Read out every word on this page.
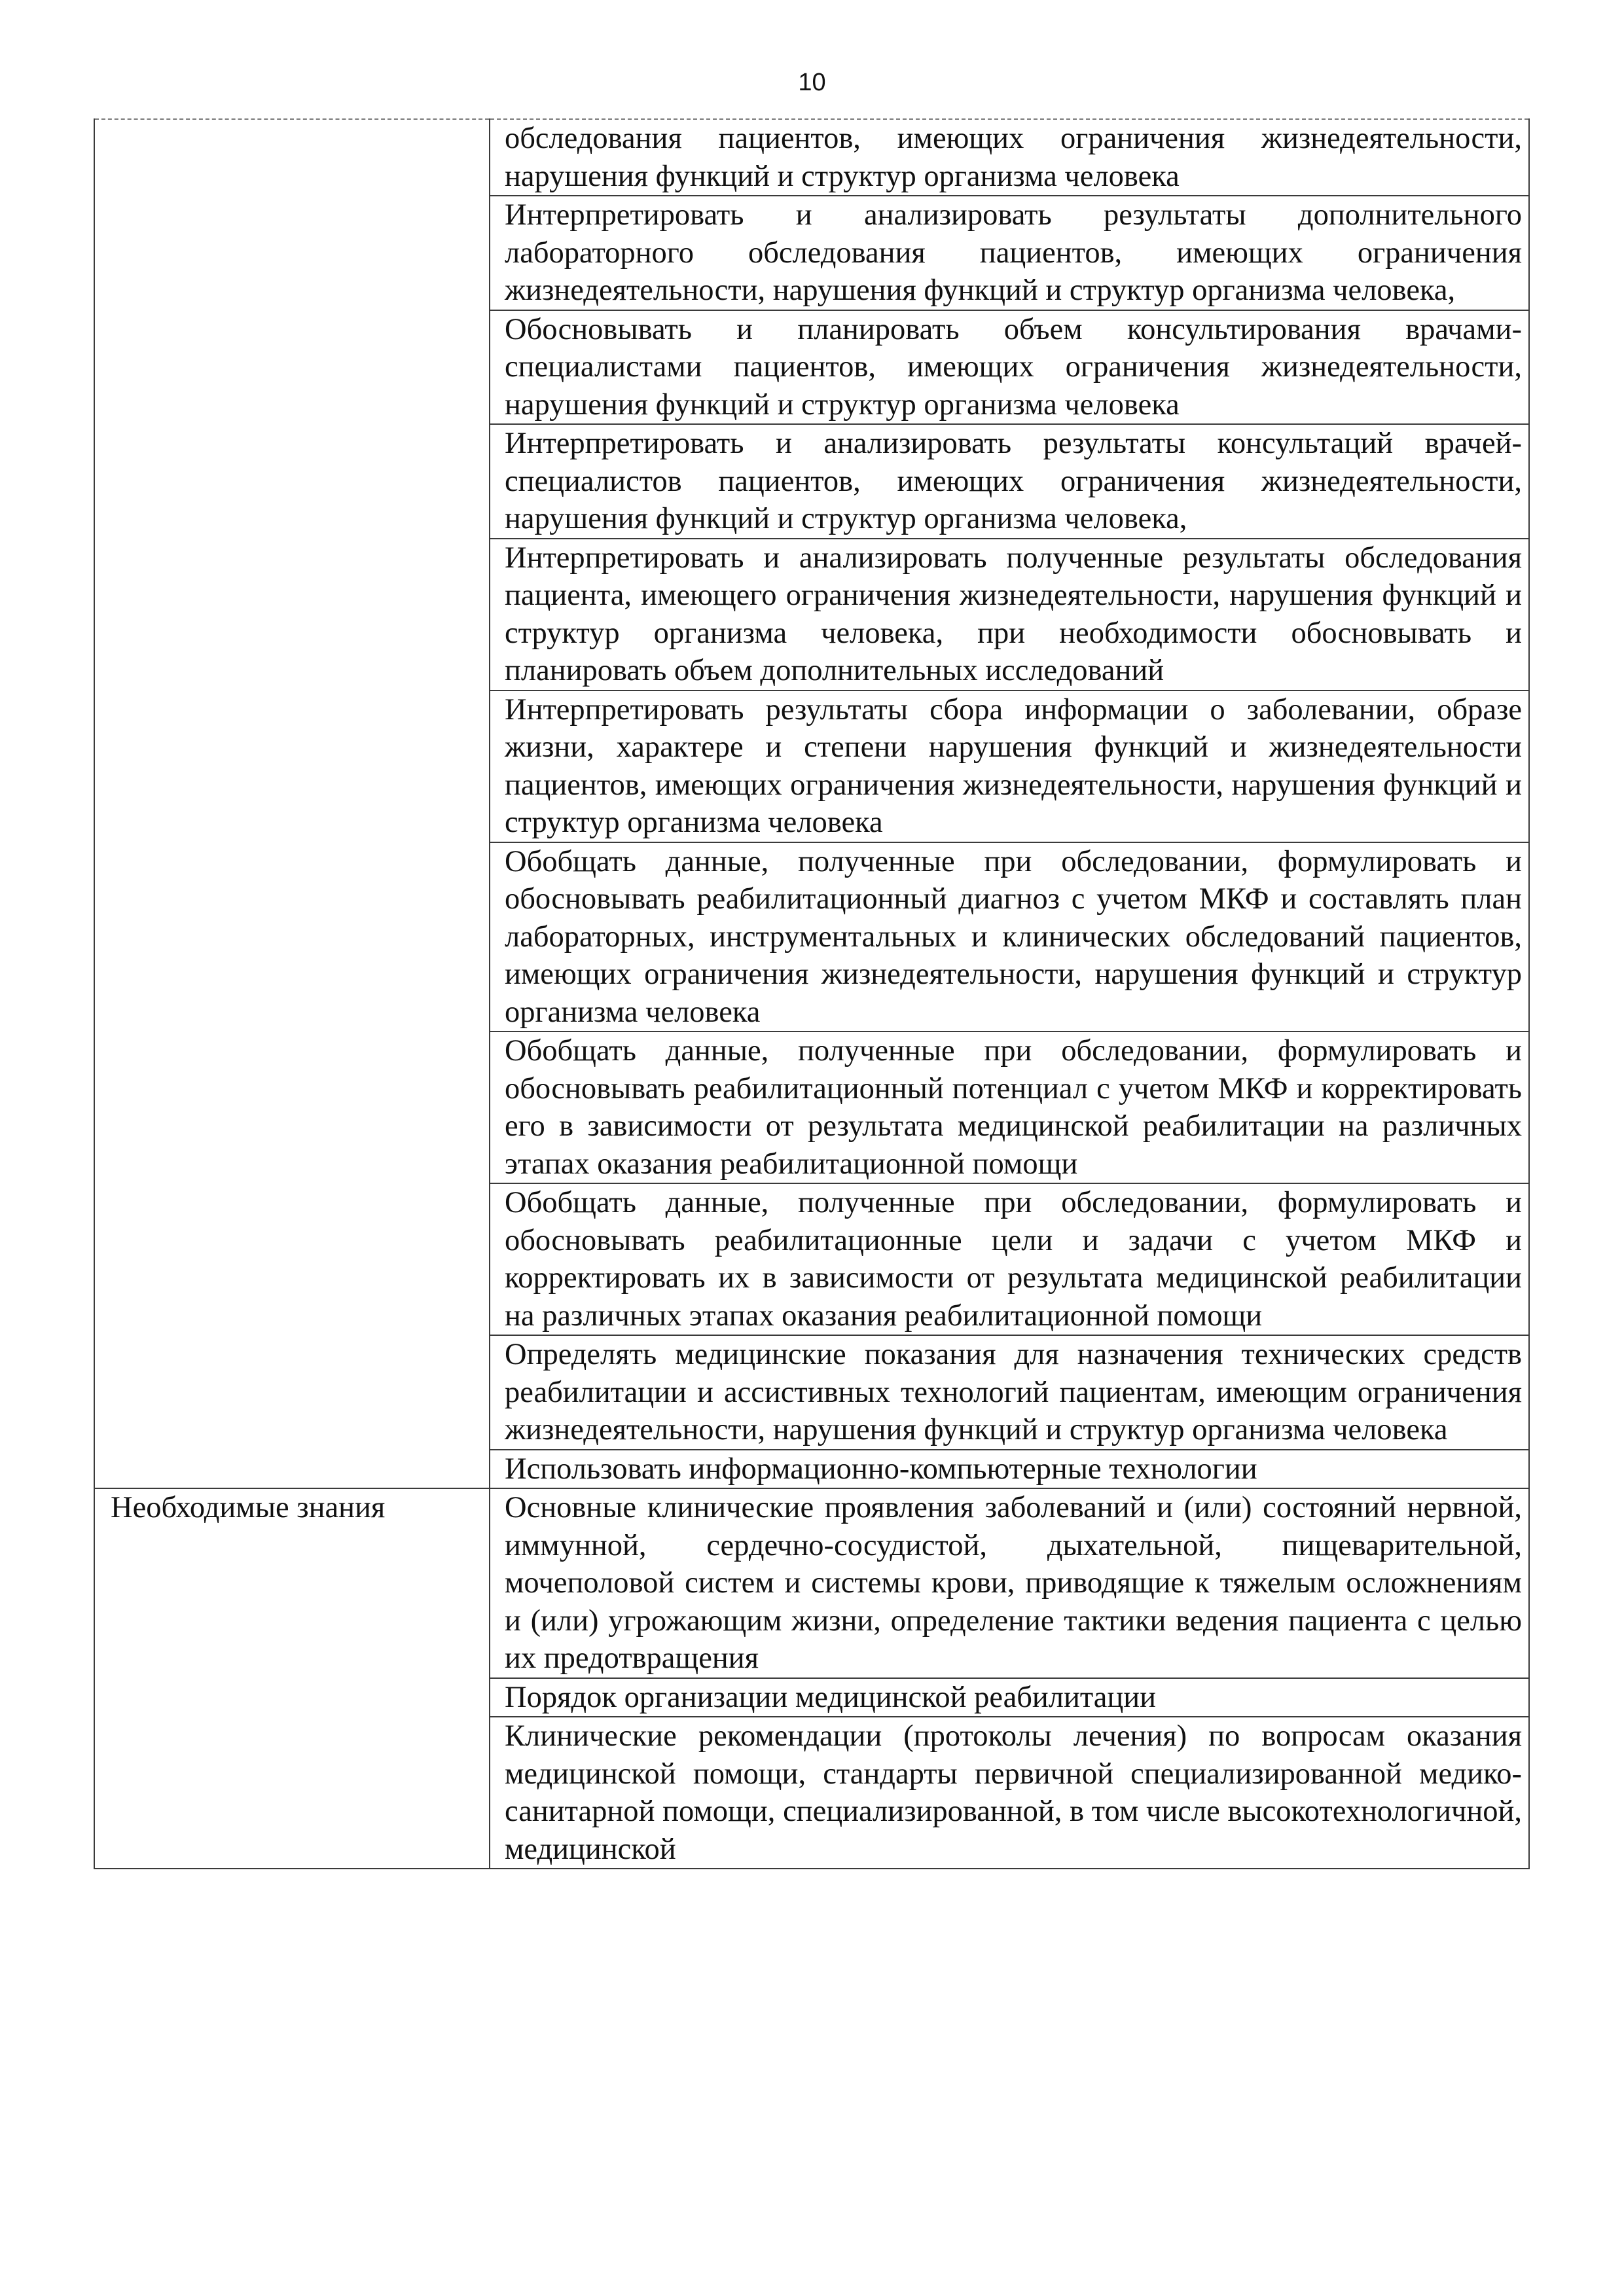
10
	обследования пациентов, имеющих ограничения жизнедеятельности, нарушения функций и структур организма человека
	Интерпретировать и анализировать результаты дополнительного лабораторного обследования пациентов, имеющих ограничения жизнедеятельности, нарушения функций и структур организма человека,
	Обосновывать и планировать объем консультирования врачами-специалистами пациентов, имеющих ограничения жизнедеятельности, нарушения функций и структур организма человека
	Интерпретировать и анализировать результаты консультаций врачей-специалистов пациентов, имеющих ограничения жизнедеятельности, нарушения функций и структур организма человека,
	Интерпретировать и анализировать полученные результаты обследования пациента, имеющего ограничения жизнедеятельности, нарушения функций и структур организма человека, при необходимости обосновывать и планировать объем дополнительных исследований
	Интерпретировать результаты сбора информации о заболевании, образе жизни, характере и степени нарушения функций и жизнедеятельности пациентов, имеющих ограничения жизнедеятельности, нарушения функций и структур организма человека
	Обобщать данные, полученные при обследовании, формулировать и обосновывать реабилитационный диагноз с учетом МКФ и составлять план лабораторных, инструментальных и клинических обследований пациентов, имеющих ограничения жизнедеятельности, нарушения функций и структур организма человека
	Обобщать данные, полученные при обследовании, формулировать и обосновывать реабилитационный потенциал с учетом МКФ и корректировать его в зависимости от результата медицинской реабилитации на различных этапах оказания реабилитационной помощи
	Обобщать данные, полученные при обследовании, формулировать и обосновывать реабилитационные цели и задачи с учетом МКФ и корректировать их в зависимости от результата медицинской реабилитации на различных этапах оказания реабилитационной помощи
	Определять медицинские показания для назначения технических средств реабилитации и ассистивных технологий пациентам, имеющим ограничения жизнедеятельности, нарушения функций и структур организма человека
	Использовать информационно-компьютерные технологии
Необходимые знания	Основные клинические проявления заболеваний и (или) состояний нервной, иммунной, сердечно-сосудистой, дыхательной, пищеварительной, мочеполовой систем и системы крови, приводящие к тяжелым осложнениям и (или) угрожающим жизни, определение тактики ведения пациента с целью их предотвращения
	Порядок организации медицинской реабилитации
	Клинические рекомендации (протоколы лечения) по вопросам оказания медицинской помощи, стандарты первичной специализированной медико-санитарной помощи, специализированной, в том числе высокотехнологичной, медицинской
